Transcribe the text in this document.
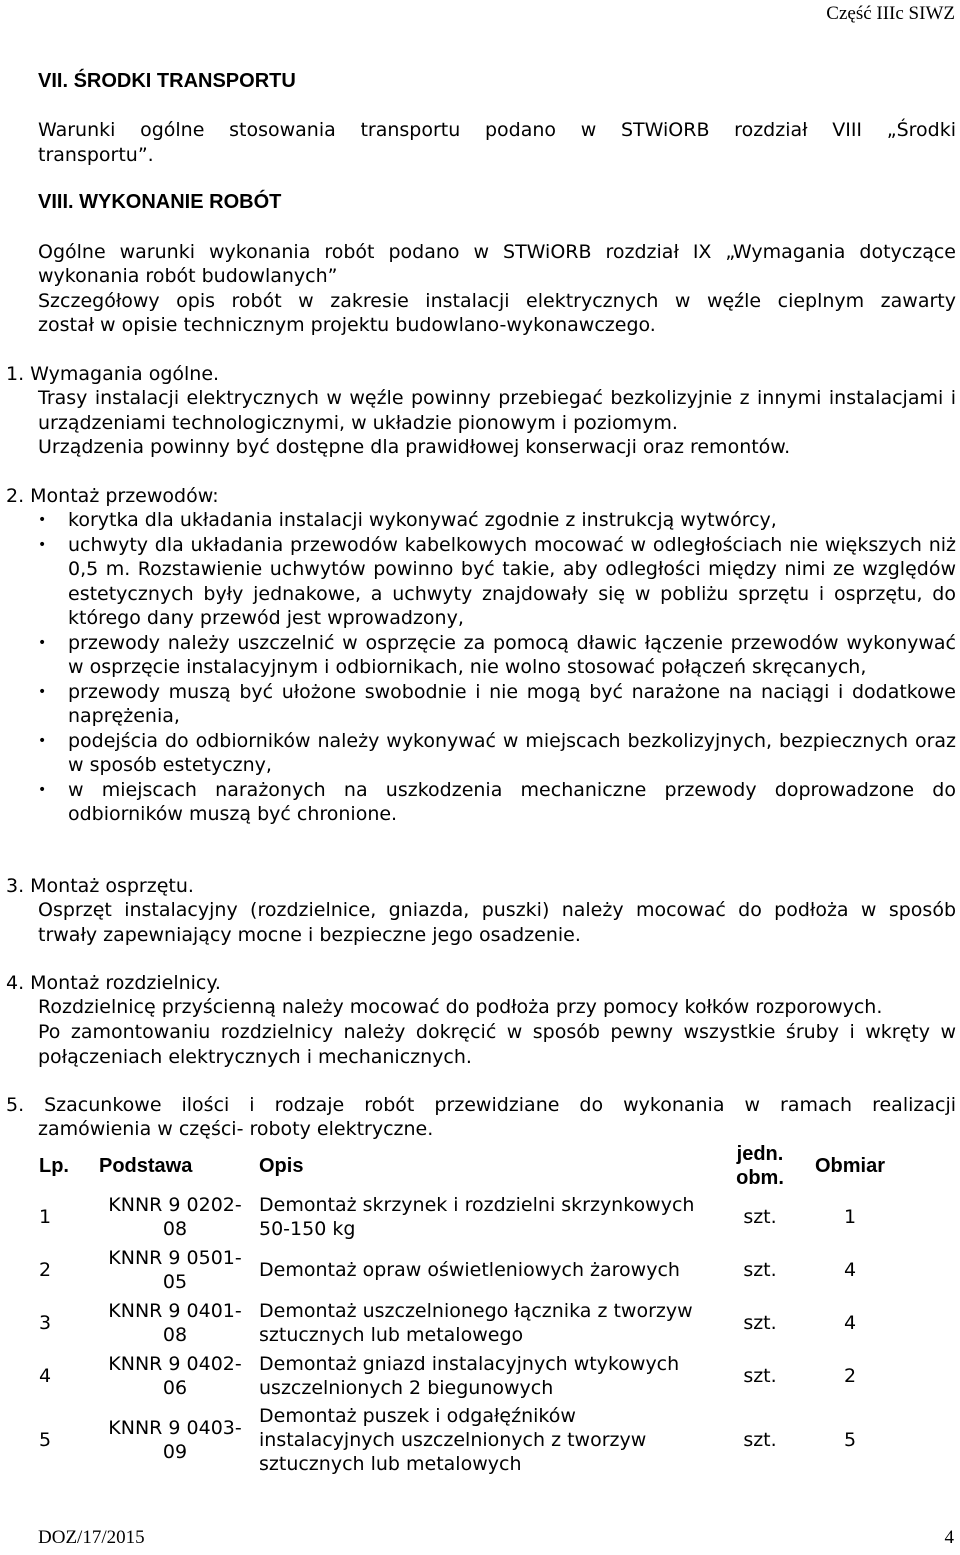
Część IIIc SIWZ
VII. ŚRODKI TRANSPORTU
Warunki ogólne stosowania transportu podano w STWiORB rozdział VIII „Środki
transportu”.
VIII. WYKONANIE ROBÓT
Ogólne warunki wykonania robót podano w STWiORB rozdział IX „Wymagania dotyczące
wykonania robót budowlanych”
Szczegółowy opis robót w zakresie instalacji elektrycznych w węźle cieplnym zawarty
został w opisie technicznym projektu budowlano-wykonawczego.
1. Wymagania ogólne.
Trasy instalacji elektrycznych w węźle powinny przebiegać bezkolizyjnie z innymi instalacjami i urządzeniami technologicznymi, w układzie pionowym i poziomym.
Urządzenia powinny być dostępne dla prawidłowej konserwacji oraz remontów.
2. Montaż przewodów:
•	korytka dla układania instalacji wykonywać zgodnie z instrukcją wytwórcy,
•	uchwyty dla układania przewodów kabelkowych mocować w odległościach nie większych niż 0,5 m. Rozstawienie uchwytów powinno być takie, aby odległości między nimi ze względów estetycznych były jednakowe, a uchwyty znajdowały się w pobliżu sprzętu i osprzętu, do którego dany przewód jest wprowadzony,
•	przewody należy uszczelnić w osprzęcie za pomocą dławic łączenie przewodów wykonywać w osprzęcie instalacyjnym i odbiornikach, nie wolno stosować połączeń skręcanych,
•	przewody muszą być ułożone swobodnie i nie mogą być narażone na naciągi i dodatkowe naprężenia,
•	podejścia do odbiorników należy wykonywać w miejscach bezkolizyjnych, bezpiecznych oraz w sposób estetyczny,
•	w miejscach narażonych na uszkodzenia mechaniczne przewody doprowadzone do odbiorników muszą być chronione.
3. Montaż osprzętu.
Osprzęt instalacyjny (rozdzielnice, gniazda, puszki) należy mocować do podłoża w sposób trwały zapewniający mocne i bezpieczne jego osadzenie.
4. Montaż rozdzielnicy.
Rozdzielnicę przyścienną należy mocować do podłoża przy pomocy kołków rozporowych.
Po zamontowaniu rozdzielnicy należy dokręcić w sposób pewny wszystkie śruby i wkręty w połączeniach elektrycznych i mechanicznych.
5. Szacunkowe ilości i rodzaje robót przewidziane do wykonania w ramach realizacji
zamówienia w części- roboty elektryczne.
Lp.	Podstawa	Opis	jedn. obm.	Obmiar
1	KNNR 9 0202-08	Demontaż skrzynek i rozdzielni skrzynkowych 50-150 kg	szt.	1
2	KNNR 9 0501-05	Demontaż opraw oświetleniowych żarowych	szt.	4
3	KNNR 9 0401-08	Demontaż uszczelnionego łącznika z tworzyw sztucznych lub metalowego	szt.	4
4	KNNR 9 0402-06	Demontaż gniazd instalacyjnych wtykowych uszczelnionych 2 biegunowych	szt.	2
5	KNNR 9 0403-09	Demontaż puszek i odgałęźników instalacyjnych uszczelnionych z tworzyw sztucznych lub metalowych	szt.	5
DOZ/17/2015	4
